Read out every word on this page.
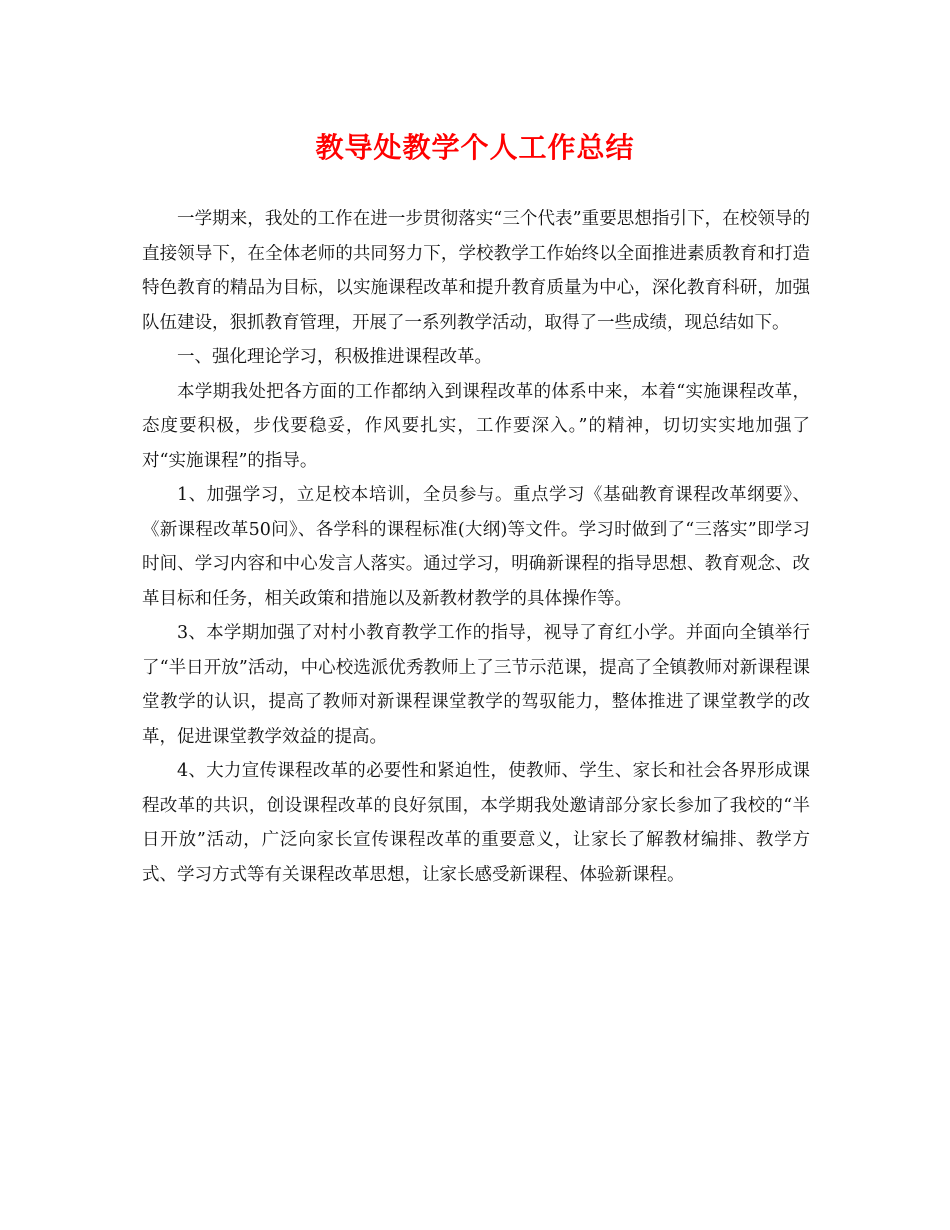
教导处教学个人工作总结

一学期来，我处的工作在进一步贯彻落实“三个代表”重要思想指引下，在校领导的直接领导下，在全体老师的共同努力下，学校教学工作始终以全面推进素质教育和打造特色教育的精品为目标，以实施课程改革和提升教育质量为中心，深化教育科研，加强队伍建设，狠抓教育管理，开展了一系列教学活动，取得了一些成绩，现总结如下。

一、强化理论学习，积极推进课程改革。

本学期我处把各方面的工作都纳入到课程改革的体系中来，本着“实施课程改革，态度要积极，步伐要稳妥，作风要扎实，工作要深入。”的精神，切切实实地加强了对“实施课程”的指导。

1、加强学习，立足校本培训，全员参与。重点学习《基础教育课程改革纲要》、《新课程改革50问》、各学科的课程标准(大纲)等文件。学习时做到了“三落实”即学习时间、学习内容和中心发言人落实。通过学习，明确新课程的指导思想、教育观念、改革目标和任务，相关政策和措施以及新教材教学的具体操作等。

3、本学期加强了对村小教育教学工作的指导，视导了育红小学。并面向全镇举行了“半日开放”活动，中心校选派优秀教师上了三节示范课，提高了全镇教师对新课程课堂教学的认识，提高了教师对新课程课堂教学的驾驭能力，整体推进了课堂教学的改革，促进课堂教学效益的提高。

4、大力宣传课程改革的必要性和紧迫性，使教师、学生、家长和社会各界形成课程改革的共识，创设课程改革的良好氛围，本学期我处邀请部分家长参加了我校的“半日开放”活动，广泛向家长宣传课程改革的重要意义，让家长了解教材编排、教学方式、学习方式等有关课程改革思想，让家长感受新课程、体验新课程。
